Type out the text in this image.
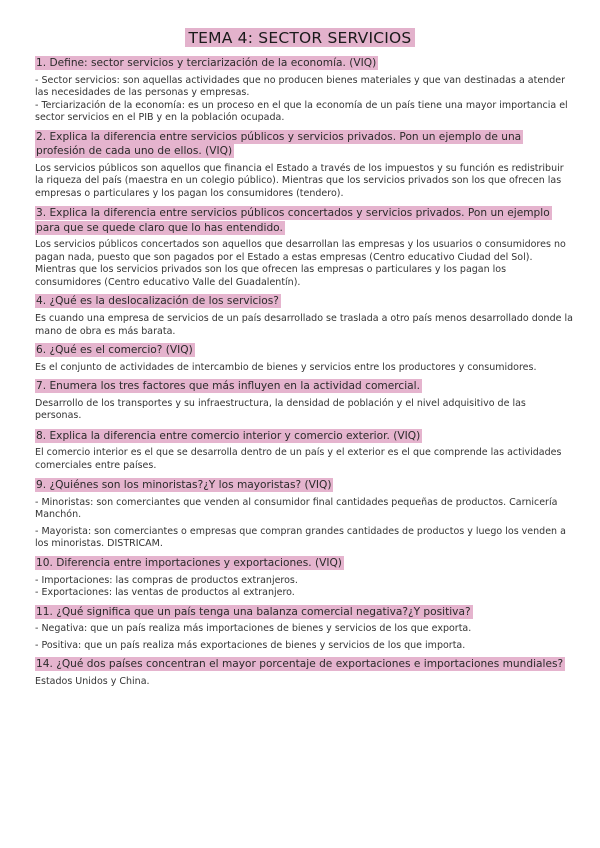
TEMA 4: SECTOR SERVICIOS
1. Define: sector servicios y terciarización de la economía. (VIQ)

- Sector servicios: son aquellas actividades que no producen bienes materiales y que van destinadas a atender las necesidades de las personas y empresas.

- Terciarización de la economía: es un proceso en el que la economía de un país tiene una mayor importancia el sector servicios en el PIB y en la población ocupada.

2. Explica la diferencia entre servicios públicos y servicios privados. Pon un ejemplo de una profesión de cada uno de ellos. (VIQ)

Los servicios públicos son aquellos que financia el Estado a través de los impuestos y su función es redistribuir la riqueza del país (maestra en un colegio público). Mientras que los servicios privados son los que ofrecen las empresas o particulares y los pagan los consumidores (tendero).

3. Explica la diferencia entre servicios públicos concertados y servicios privados. Pon un ejemplo para que se quede claro que lo has entendido.

Los servicios públicos concertados son aquellos que desarrollan las empresas y los usuarios o consumidores no pagan nada, puesto que son pagados por el Estado a estas empresas (Centro educativo Ciudad del Sol). Mientras que los servicios privados son los que ofrecen las empresas o particulares y los pagan los consumidores (Centro educativo Valle del Guadalentín).

4. ¿Qué es la deslocalización de los servicios?

Es cuando una empresa de servicios de un país desarrollado se traslada a otro país menos desarrollado donde la mano de obra es más barata.

6. ¿Qué es el comercio? (VIQ)

Es el conjunto de actividades de intercambio de bienes y servicios entre los productores y consumidores.

7. Enumera los tres factores que más influyen en la actividad comercial.

Desarrollo de los transportes y su infraestructura, la densidad de población y el nivel adquisitivo de las personas.

8. Explica la diferencia entre comercio interior y comercio exterior. (VIQ)

El comercio interior es el que se desarrolla dentro de un país y el exterior es el que comprende las actividades comerciales entre países.

9. ¿Quiénes son los minoristas?¿Y los mayoristas? (VIQ)

- Minoristas: son comerciantes que venden al consumidor final cantidades pequeñas de productos. Carnicería Manchón.

- Mayorista: son comerciantes o empresas que compran grandes cantidades de productos y luego los venden a los minoristas. DISTRICAM.

10. Diferencia entre importaciones y exportaciones. (VIQ)

- Importaciones: las compras de productos extranjeros.

- Exportaciones: las ventas de productos al extranjero.

11. ¿Qué significa que un país tenga una balanza comercial negativa?¿Y positiva?

- Negativa: que un país realiza más importaciones de bienes y servicios de los que exporta.

- Positiva: que un país realiza más exportaciones de bienes y servicios de los que importa.

14. ¿Qué dos países concentran el mayor porcentaje de exportaciones e importaciones mundiales?

Estados Unidos y China.
